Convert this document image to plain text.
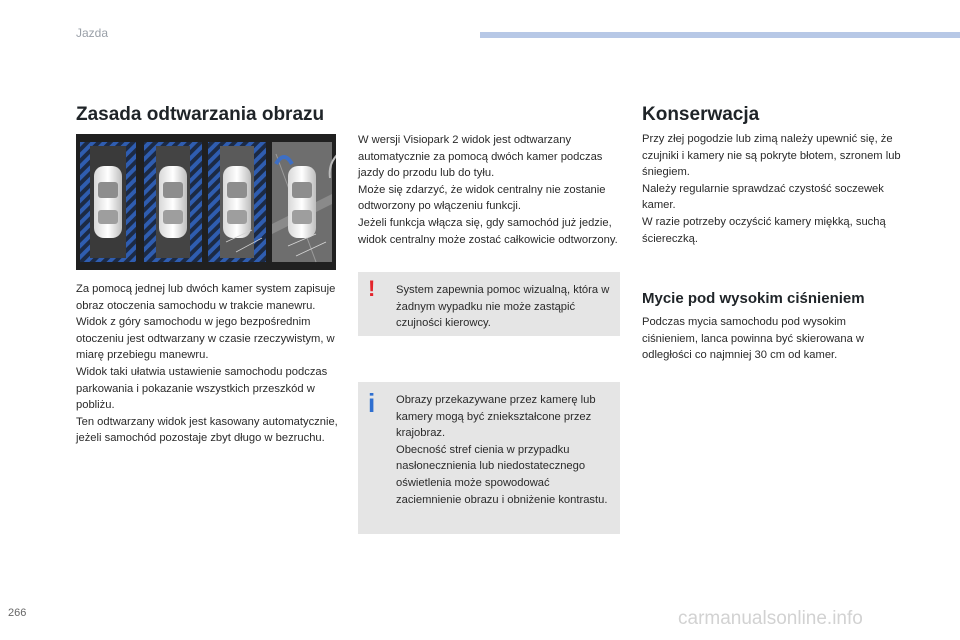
Jazda
Zasada odtwarzania obrazu

Za pomocą jednej lub dwóch kamer system zapisuje obraz otoczenia samochodu w trakcie manewru.

Widok z góry samochodu w jego bezpośrednim otoczeniu jest odtwarzany w czasie rzeczywistym, w miarę przebiegu manewru.

Widok taki ułatwia ustawienie samochodu podczas parkowania i pokazanie wszystkich przeszkód w pobliżu.

Ten odtwarzany widok jest kasowany automatycznie, jeżeli samochód pozostaje zbyt długo w bezruchu.

W wersji Visiopark 2 widok jest odtwarzany automatycznie za pomocą dwóch kamer podczas jazdy do przodu lub do tyłu.

Może się zdarzyć, że widok centralny nie zostanie odtworzony po włączeniu funkcji.

Jeżeli funkcja włącza się, gdy samochód już jedzie, widok centralny może zostać całkowicie odtworzony.

! System zapewnia pomoc wizualną, która w żadnym wypadku nie może zastąpić czujności kierowcy.

i Obrazy przekazywane przez kamerę lub kamery mogą być zniekształcone przez krajobraz.

Obecność stref cienia w przypadku nasłonecznienia lub niedostatecznego oświetlenia może spowodować zaciemnienie obrazu i obniżenie kontrastu.

Konserwacja

Przy złej pogodzie lub zimą należy upewnić się, że czujniki i kamery nie są pokryte błotem, szronem lub śniegiem.

Należy regularnie sprawdzać czystość soczewek kamer.

W razie potrzeby oczyścić kamery miękką, suchą ściereczką.

Mycie pod wysokim ciśnieniem

Podczas mycia samochodu pod wysokim ciśnieniem, lanca powinna być skierowana w odległości co najmniej 30 cm od kamer.

266	carmanualsonline.info
